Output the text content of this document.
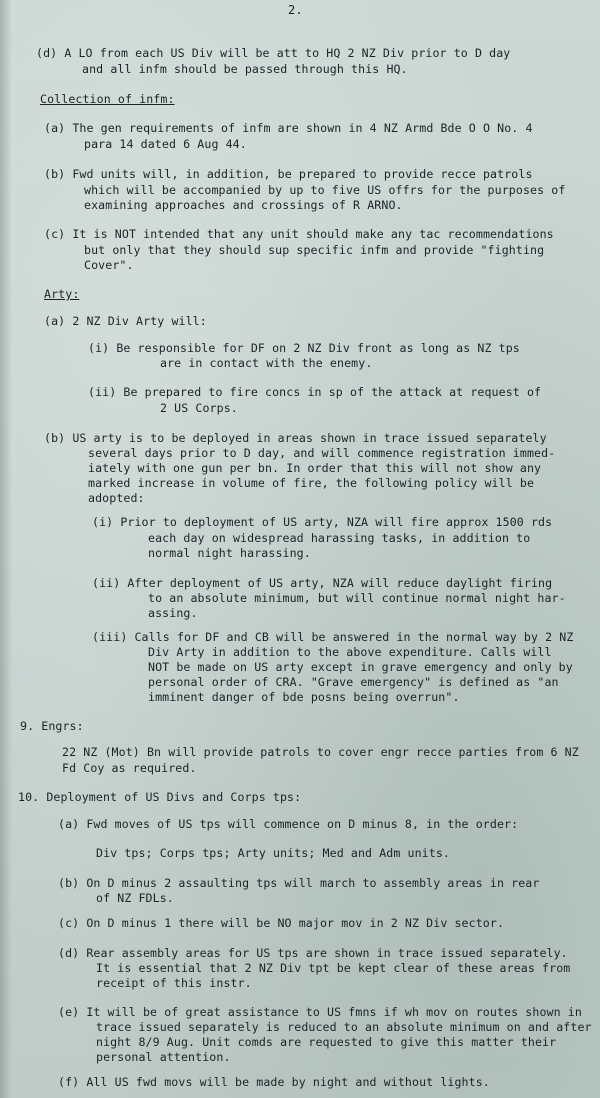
2.
(d) A LO from each US Div will be att to HQ 2 NZ Div prior to D day
and all infm should be passed through this HQ.
Collection of infm:
(a) The gen requirements of infm are shown in 4 NZ Armd Bde O O No. 4
para 14 dated 6 Aug 44.
(b) Fwd units will, in addition, be prepared to provide recce patrols
which will be accompanied by up to five US offrs for the purposes of
examining approaches and crossings of R ARNO.
(c) It is NOT intended that any unit should make any tac recommendations
but only that they should sup specific infm and provide "fighting
Cover".
Arty:
(a) 2 NZ Div Arty will:
(i) Be responsible for DF on 2 NZ Div front as long as NZ tps
are in contact with the enemy.
(ii) Be prepared to fire concs in sp of the attack at request of
2 US Corps.
(b) US arty is to be deployed in areas shown in trace issued separately
several days prior to D day, and will commence registration immed-
iately with one gun per bn. In order that this will not show any
marked increase in volume of fire, the following policy will be
adopted:
(i) Prior to deployment of US arty, NZA will fire approx 1500 rds
each day on widespread harassing tasks, in addition to
normal night harassing.
(ii) After deployment of US arty, NZA will reduce daylight firing
to an absolute minimum, but will continue normal night har-
assing.
(iii) Calls for DF and CB will be answered in the normal way by 2 NZ
Div Arty in addition to the above expenditure. Calls will
NOT be made on US arty except in grave emergency and only by
personal order of CRA. "Grave emergency" is defined as "an
imminent danger of bde posns being overrun".
9. Engrs:
22 NZ (Mot) Bn will provide patrols to cover engr recce parties from 6 NZ
Fd Coy as required.
10. Deployment of US Divs and Corps tps:
(a) Fwd moves of US tps will commence on D minus 8, in the order:
Div tps; Corps tps; Arty units; Med and Adm units.
(b) On D minus 2 assaulting tps will march to assembly areas in rear
of NZ FDLs.
(c) On D minus 1 there will be NO major mov in 2 NZ Div sector.
(d) Rear assembly areas for US tps are shown in trace issued separately.
It is essential that 2 NZ Div tpt be kept clear of these areas from
receipt of this instr.
(e) It will be of great assistance to US fmns if wh mov on routes shown in
trace issued separately is reduced to an absolute minimum on and after
night 8/9 Aug. Unit comds are requested to give this matter their
personal attention.
(f) All US fwd movs will be made by night and without lights.
